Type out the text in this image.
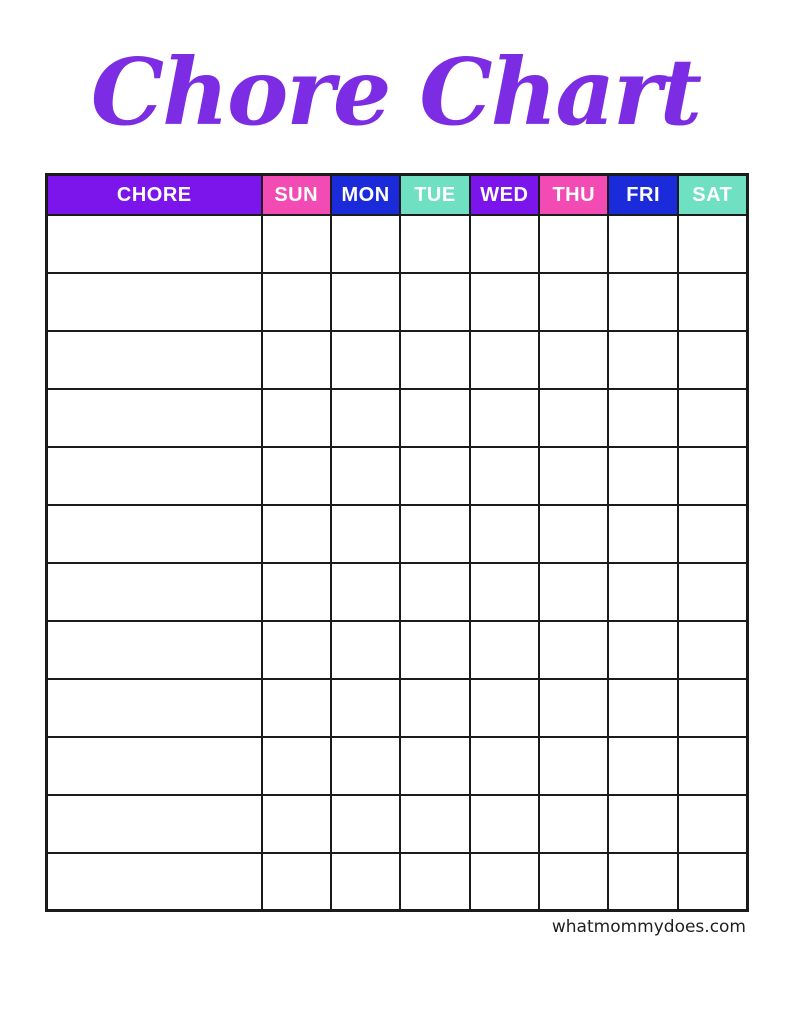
Chore Chart
CHORE	SUN	MON	TUE	WED	THU	FRI	SAT

whatmommydoes.com
